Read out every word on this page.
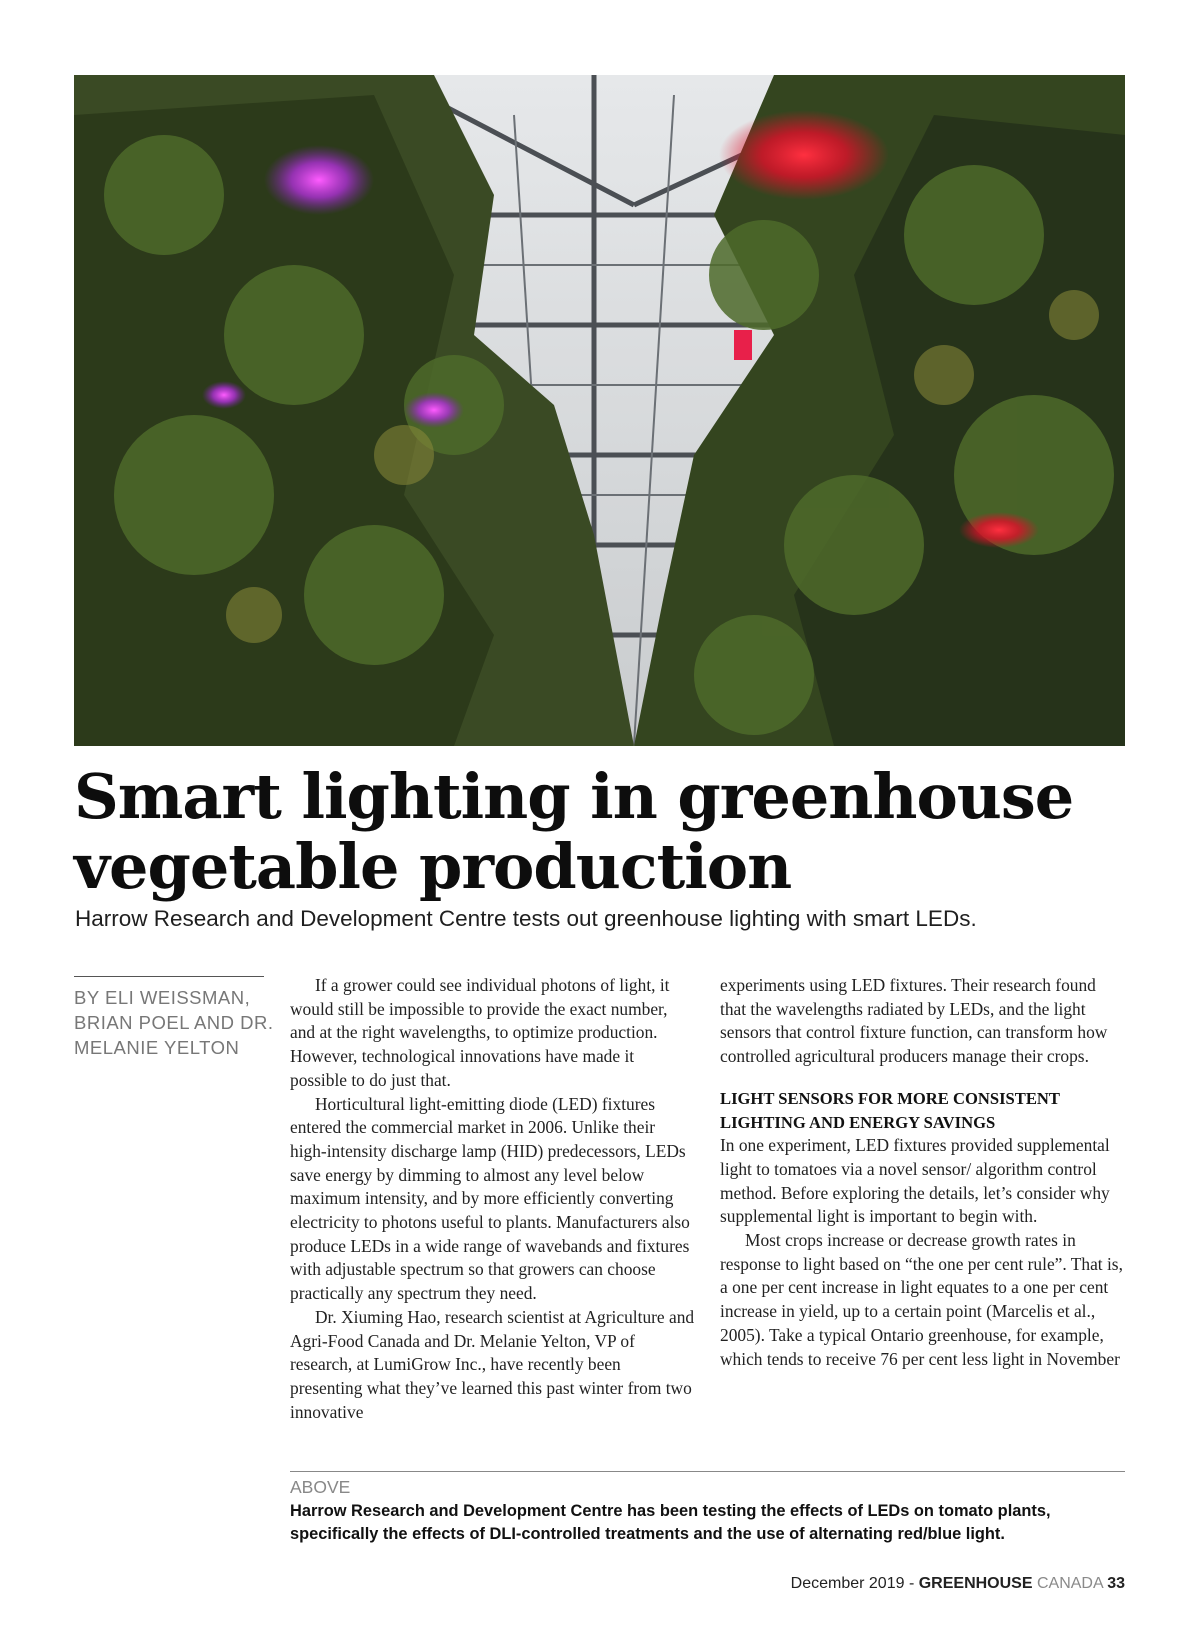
Smart lighting in greenhouse
vegetable production

Harrow Research and Development Centre tests out greenhouse lighting with smart LEDs.

BY ELI WEISSMAN, BRIAN POEL AND DR. MELANIE YELTON

If a grower could see individual photons of light, it would still be impossible to provide the exact number, and at the right wavelengths, to optimize production. However, technological innovations have made it possible to do just that.

Horticultural light-emitting diode (LED) fixtures entered the commercial market in 2006. Unlike their high-intensity discharge lamp (HID) predecessors, LEDs save energy by dimming to almost any level below maximum intensity, and by more efficiently converting electricity to photons useful to plants. Manufacturers also produce LEDs in a wide range of wavebands and fixtures with adjustable spectrum so that growers can choose practically any spectrum they need.

Dr. Xiuming Hao, research scientist at Agriculture and Agri-Food Canada and Dr. Melanie Yelton, VP of research, at LumiGrow Inc., have recently been presenting what they’ve learned this past winter from two innovative

experiments using LED fixtures. Their research found that the wavelengths radiated by LEDs, and the light sensors that control fixture function, can transform how controlled agricultural producers manage their crops.

LIGHT SENSORS FOR MORE CONSISTENT LIGHTING AND ENERGY SAVINGS

In one experiment, LED fixtures provided supplemental light to tomatoes via a novel sensor/ algorithm control method. Before exploring the details, let’s consider why supplemental light is important to begin with.

Most crops increase or decrease growth rates in response to light based on “the one per cent rule”. That is, a one per cent increase in light equates to a one per cent increase in yield, up to a certain point (Marcelis et al., 2005). Take a typical Ontario greenhouse, for example, which tends to receive 76 per cent less light in November

ABOVE
Harrow Research and Development Centre has been testing the effects of LEDs on tomato plants, specifically the effects of DLI-controlled treatments and the use of alternating red/blue light.
December 2019 - GREENHOUSE CANADA 33
